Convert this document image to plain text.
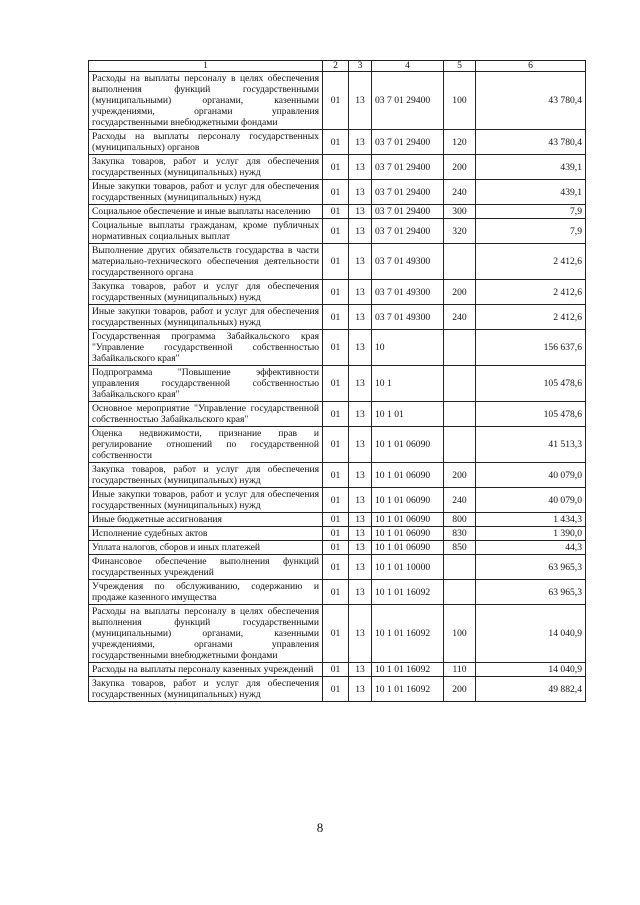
1	2	3	4	5	6
Расходы на выплаты персоналу в целях обеспечения выполнения функций государственными (муниципальными) органами, казенными учреждениями, органами управления государственными внебюджетными фондами	01	13	03 7 01 29400	100	43 780,4
Расходы на выплаты персоналу государственных (муниципальных) органов	01	13	03 7 01 29400	120	43 780,4
Закупка товаров, работ и услуг для обеспечения государственных (муниципальных) нужд	01	13	03 7 01 29400	200	439,1
Иные закупки товаров, работ и услуг для обеспечения государственных (муниципальных) нужд	01	13	03 7 01 29400	240	439,1
Социальное обеспечение и иные выплаты населению	01	13	03 7 01 29400	300	7,9
Социальные выплаты гражданам, кроме публичных нормативных социальных выплат	01	13	03 7 01 29400	320	7,9
Выполнение других обязательств государства в части материально-технического обеспечения деятельности государственного органа	01	13	03 7 01 49300		2 412,6
Закупка товаров, работ и услуг для обеспечения государственных (муниципальных) нужд	01	13	03 7 01 49300	200	2 412,6
Иные закупки товаров, работ и услуг для обеспечения государственных (муниципальных) нужд	01	13	03 7 01 49300	240	2 412,6
Государственная программа Забайкальского края "Управление государственной собственностью Забайкальского края"	01	13	10		156 637,6
Подпрограмма "Повышение эффективности управления государственной собственностью Забайкальского края"	01	13	10 1		105 478,6
Основное мероприятие "Управление государственной собственностью Забайкальского края"	01	13	10 1 01		105 478,6
Оценка недвижимости, признание прав и регулирование отношений по государственной собственности	01	13	10 1 01 06090		41 513,3
Закупка товаров, работ и услуг для обеспечения государственных (муниципальных) нужд	01	13	10 1 01 06090	200	40 079,0
Иные закупки товаров, работ и услуг для обеспечения государственных (муниципальных) нужд	01	13	10 1 01 06090	240	40 079,0
Иные бюджетные ассигнования	01	13	10 1 01 06090	800	1 434,3
Исполнение судебных актов	01	13	10 1 01 06090	830	1 390,0
Уплата налогов, сборов и иных платежей	01	13	10 1 01 06090	850	44,3
Финансовое обеспечение выполнения функций государственных учреждений	01	13	10 1 01 10000		63 965,3
Учреждения по обслуживанию, содержанию и продаже казенного имущества	01	13	10 1 01 16092		63 965,3
Расходы на выплаты персоналу в целях обеспечения выполнения функций государственными (муниципальными) органами, казенными учреждениями, органами управления государственными внебюджетными фондами	01	13	10 1 01 16092	100	14 040,9
Расходы на выплаты персоналу казенных учреждений	01	13	10 1 01 16092	110	14 040,9
Закупка товаров, работ и услуг для обеспечения государственных (муниципальных) нужд	01	13	10 1 01 16092	200	49 882,4
8
